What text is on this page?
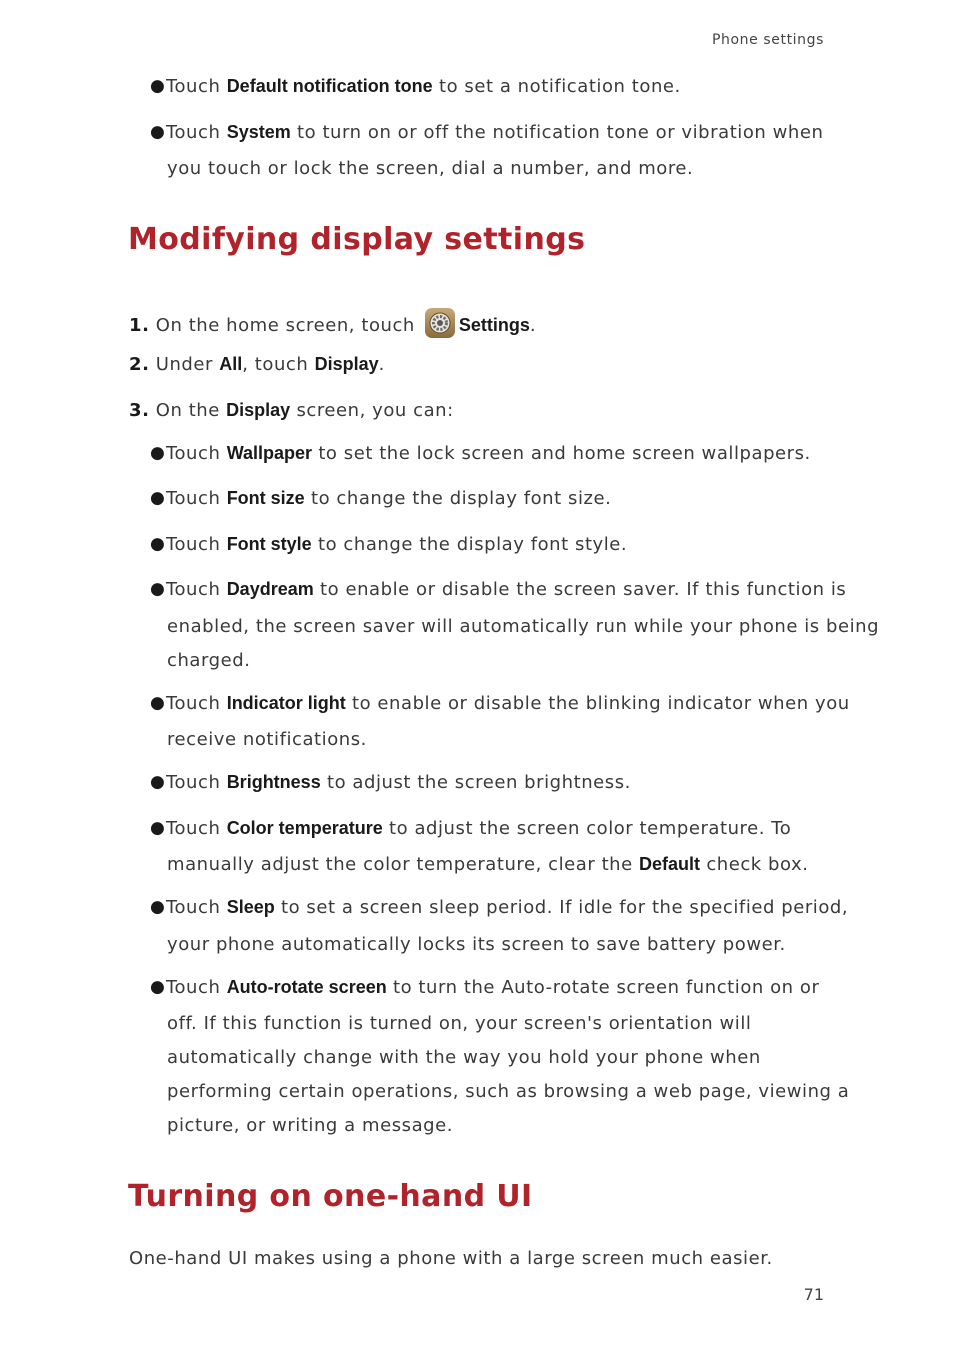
Phone settings
● Touch Default notification tone to set a notification tone.
● Touch System to turn on or off the notification tone or vibration when
you touch or lock the screen, dial a number, and more.
Modifying display settings
1. On the home screen, touch Settings.
2. Under All, touch Display.
3. On the Display screen, you can:
● Touch Wallpaper to set the lock screen and home screen wallpapers.
● Touch Font size to change the display font size.
● Touch Font style to change the display font style.
● Touch Daydream to enable or disable the screen saver. If this function is
enabled, the screen saver will automatically run while your phone is being
charged.
● Touch Indicator light to enable or disable the blinking indicator when you
receive notifications.
● Touch Brightness to adjust the screen brightness.
● Touch Color temperature to adjust the screen color temperature. To
manually adjust the color temperature, clear the Default check box.
● Touch Sleep to set a screen sleep period. If idle for the specified period,
your phone automatically locks its screen to save battery power.
● Touch Auto-rotate screen to turn the Auto-rotate screen function on or
off. If this function is turned on, your screen's orientation will
automatically change with the way you hold your phone when
performing certain operations, such as browsing a web page, viewing a
picture, or writing a message.
Turning on one-hand UI
One-hand UI makes using a phone with a large screen much easier.
71
